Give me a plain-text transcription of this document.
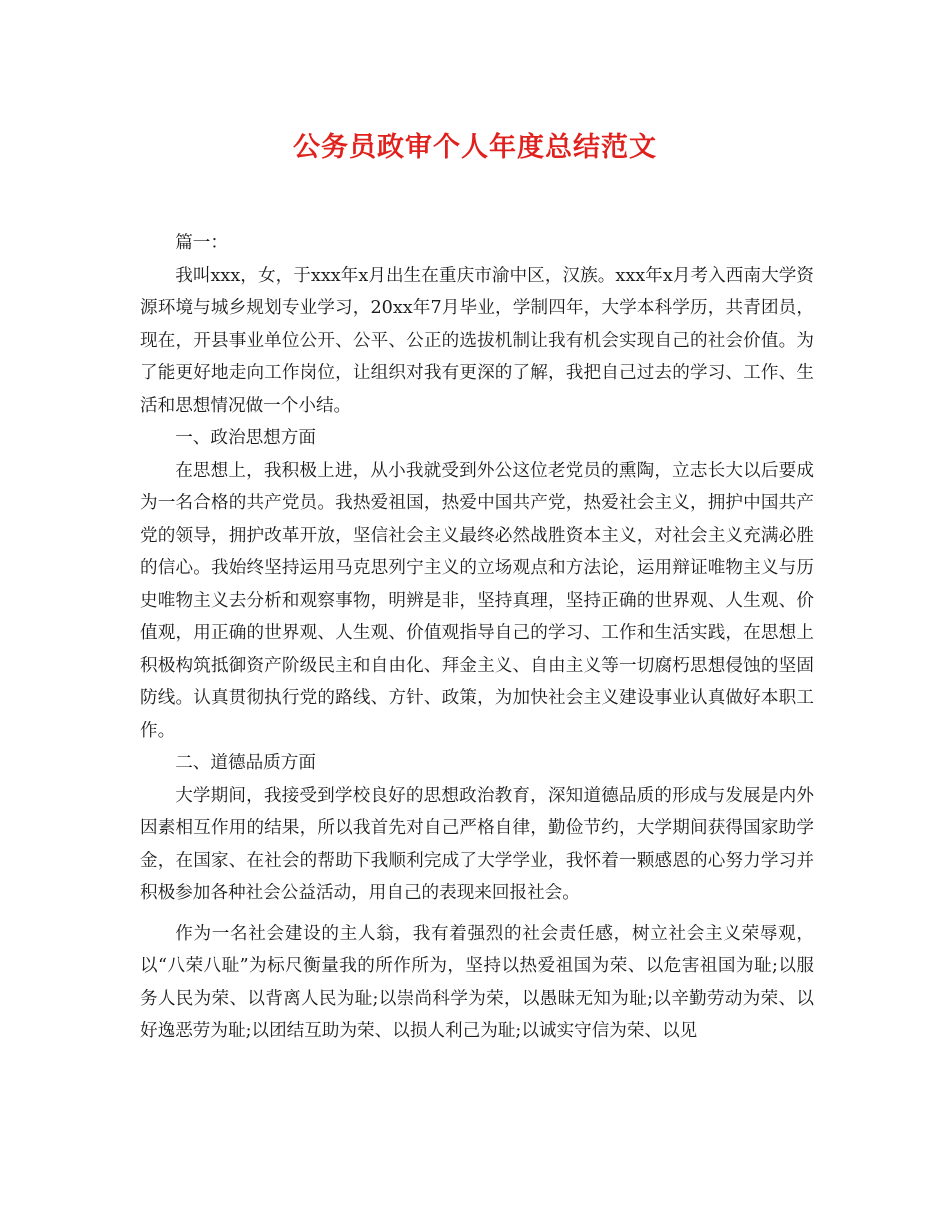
公务员政审个人年度总结范文

篇一：

我叫xxx，女，于xxx年x月出生在重庆市渝中区，汉族。xxx年x月考入西南大学资源环境与城乡规划专业学习，20xx年7月毕业，学制四年，大学本科学历，共青团员，现在，开县事业单位公开、公平、公正的选拔机制让我有机会实现自己的社会价值。为了能更好地走向工作岗位，让组织对我有更深的了解，我把自己过去的学习、工作、生活和思想情况做一个小结。

一、政治思想方面

在思想上，我积极上进，从小我就受到外公这位老党员的熏陶，立志长大以后要成为一名合格的共产党员。我热爱祖国，热爱中国共产党，热爱社会主义，拥护中国共产党的领导，拥护改革开放，坚信社会主义最终必然战胜资本主义，对社会主义充满必胜的信心。我始终坚持运用马克思列宁主义的立场观点和方法论，运用辩证唯物主义与历史唯物主义去分析和观察事物，明辨是非，坚持真理，坚持正确的世界观、人生观、价值观，用正确的世界观、人生观、价值观指导自己的学习、工作和生活实践，在思想上积极构筑抵御资产阶级民主和自由化、拜金主义、自由主义等一切腐朽思想侵蚀的坚固防线。认真贯彻执行党的路线、方针、政策，为加快社会主义建设事业认真做好本职工作。

二、道德品质方面

大学期间，我接受到学校良好的思想政治教育，深知道德品质的形成与发展是内外因素相互作用的结果，所以我首先对自己严格自律，勤俭节约，大学期间获得国家助学金，在国家、在社会的帮助下我顺利完成了大学学业，我怀着一颗感恩的心努力学习并积极参加各种社会公益活动，用自己的表现来回报社会。

作为一名社会建设的主人翁，我有着强烈的社会责任感，树立社会主义荣辱观，以“八荣八耻”为标尺衡量我的所作所为，坚持以热爱祖国为荣、以危害祖国为耻;以服务人民为荣、以背离人民为耻;以崇尚科学为荣，以愚昧无知为耻;以辛勤劳动为荣、以好逸恶劳为耻;以团结互助为荣、以损人利己为耻;以诚实守信为荣、以见
